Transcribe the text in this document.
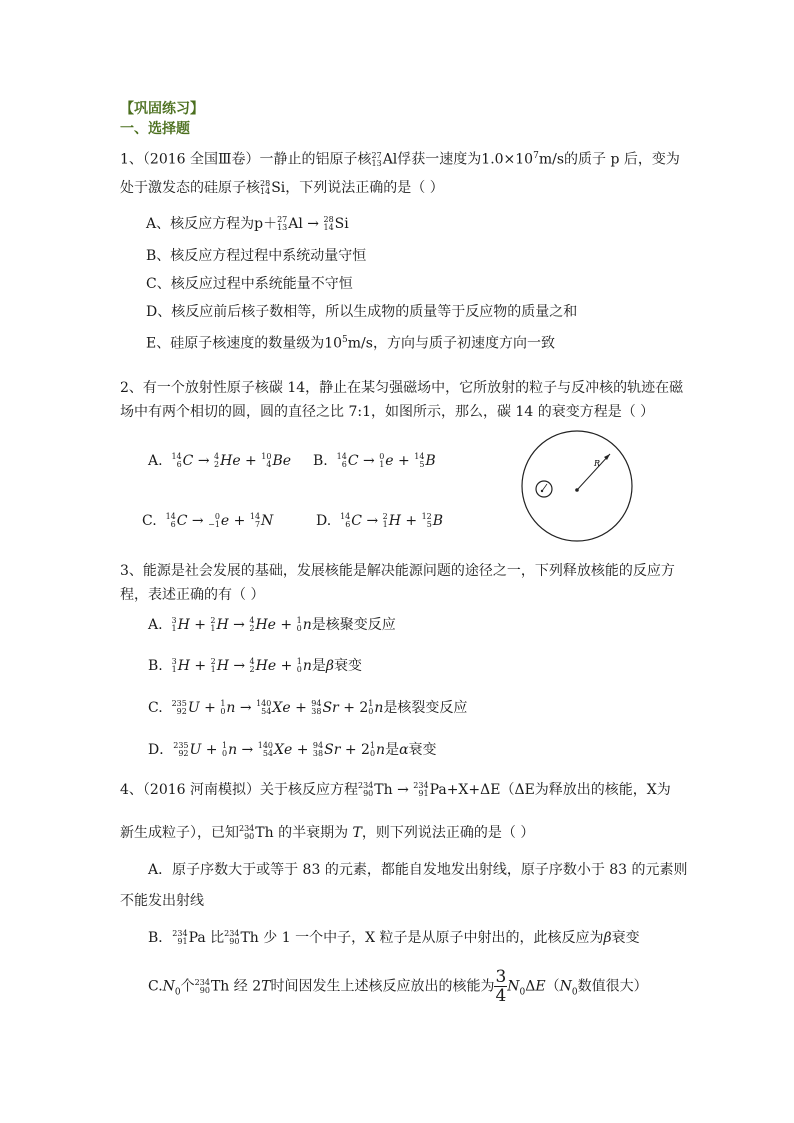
【巩固练习】
一、选择题
1、（2016 全国Ⅲ卷）一静止的铝原子核 27
13 Al俘获一速度为$1.0\times 10^7m/s$的质子 p 后，变为
处于激发态的硅原子核 28
14 Si，下列说法正确的是（ ）
A、核反应方程为p＋ 27
13 Al → 28
14 Si
B、核反应方程过程中系统动量守恒
C、核反应过程中系统能量不守恒
D、核反应前后核子数相等，所以生成物的质量等于反应物的质量之和
E、硅原子核速度的数量级为$10^5m/s$，方向与质子初速度方向一致
2、有一个放射性原子核碳 14，静止在某匀强磁场中，它所放射的粒子与反冲核的轨迹在磁
场中有两个相切的圆，圆的直径之比 7:1，如图所示，那么，碳 14 的衰变方程是（ ）
A. 14
6 C → 4
2 He + 10
4 Be B. 14
6 C → 0
1 e + 14
5 B
C. 14
6 C → 0
−1 e + 14
7 N	D. 14
6 C → 2
1 H + 12
5 B
R
3、能源是社会发展的基础，发展核能是解决能源问题的途径之一，下列释放核能的反应方
程，表述正确的有（ ）
A. 3
1 H + 2
1 H → 4
2 He + 1
0 n是核聚变反应
B. 3
1 H + 2
1 H → 4
2 He + 1
0 n是β衰变
C. 235
92 U + 1
0 n → 140
54 Xe + 94
38 Sr + 2 1
0 n是核裂变反应
D． 235
92 U + 1
0 n → 140
54 Xe + 94
38 Sr + 2 1
0 n是α衰变
4、（2016 河南模拟）关于核反应方程 234
90 Th → 234
91 Pa+X+ΔE（ΔE为释放出的核能，X为
新生成粒子），已知 234
90 Th 的半衰期为 T，则下列说法正确的是（ ）
A．原子序数大于或等于 83 的元素，都能自发地发出射线，原子序数小于 83 的元素则
不能发出射线
B． 234
91 Pa 比 234
90 Th 少 1 一个中子，X 粒子是从原子中射出的，此核反应为β衰变
$C.N_0$个 234
90 Th 经 2T时间因发生上述核反应放出的核能为 $\frac{3}{4} N_0\Delta E(N_0$数值很大）
